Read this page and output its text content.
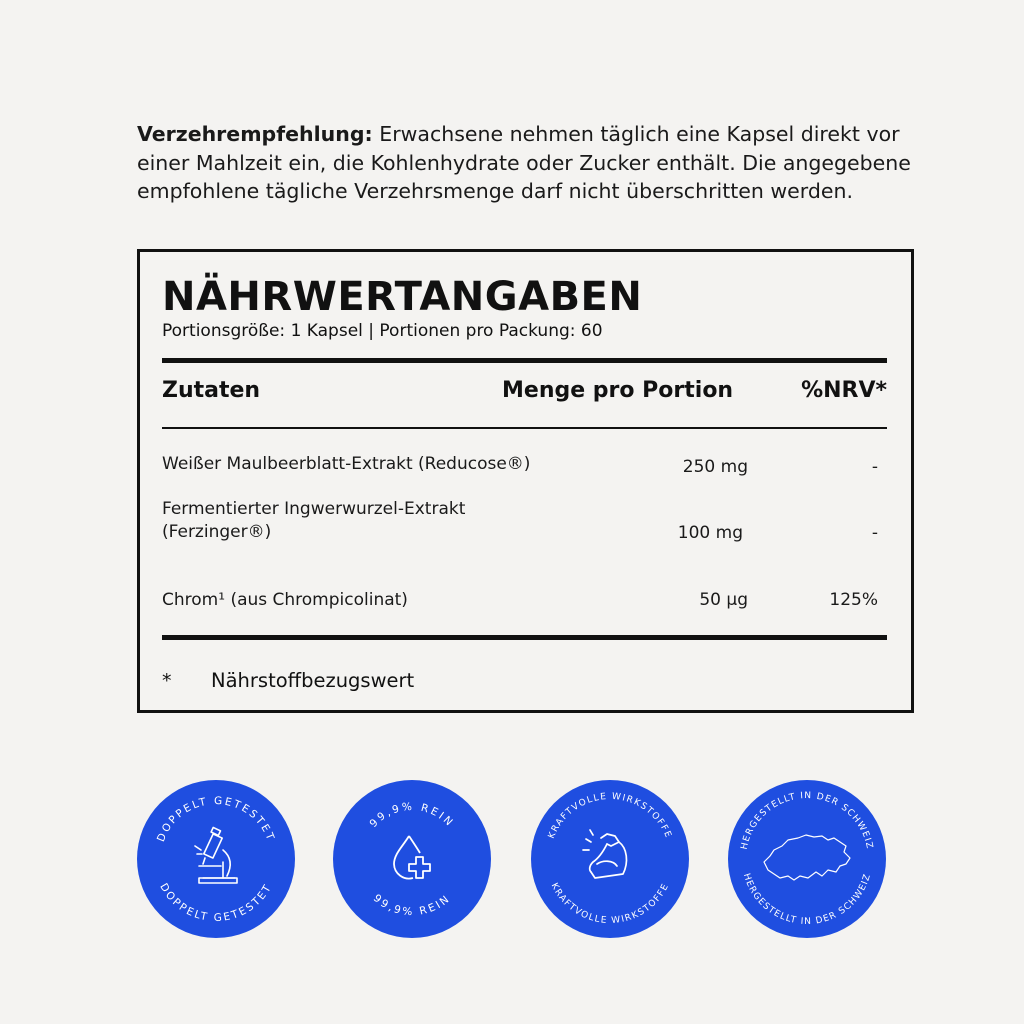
Verzehrempfehlung: Erwachsene nehmen täglich eine Kapsel direkt vor einer Mahlzeit ein, die Kohlenhydrate oder Zucker enthält. Die angegebene empfohlene tägliche Verzehrsmenge darf nicht überschritten werden.

NÄHRWERTANGABEN
Portionsgröße: 1 Kapsel | Portionen pro Packung: 60
Zutaten	Menge pro Portion	%NRV*
Weißer Maulbeerblatt-Extrakt (Reducose®)	250 mg	-
Fermentierter Ingwerwurzel-Extrakt
(Ferzinger®)	100 mg	-
Chrom¹ (aus Chrompicolinat)	50 µg	125%
* Nährstoffbezugswert
DOPPELT GETESTET
DOPPELT GETESTET
99,9% REIN
99,9% REIN
KRAFTVOLLE WIRKSTOFFE
KRAFTVOLLE WIRKSTOFFE
HERGESTELLT IN DER SCHWEIZ
HERGESTELLT IN DER SCHWEIZ
